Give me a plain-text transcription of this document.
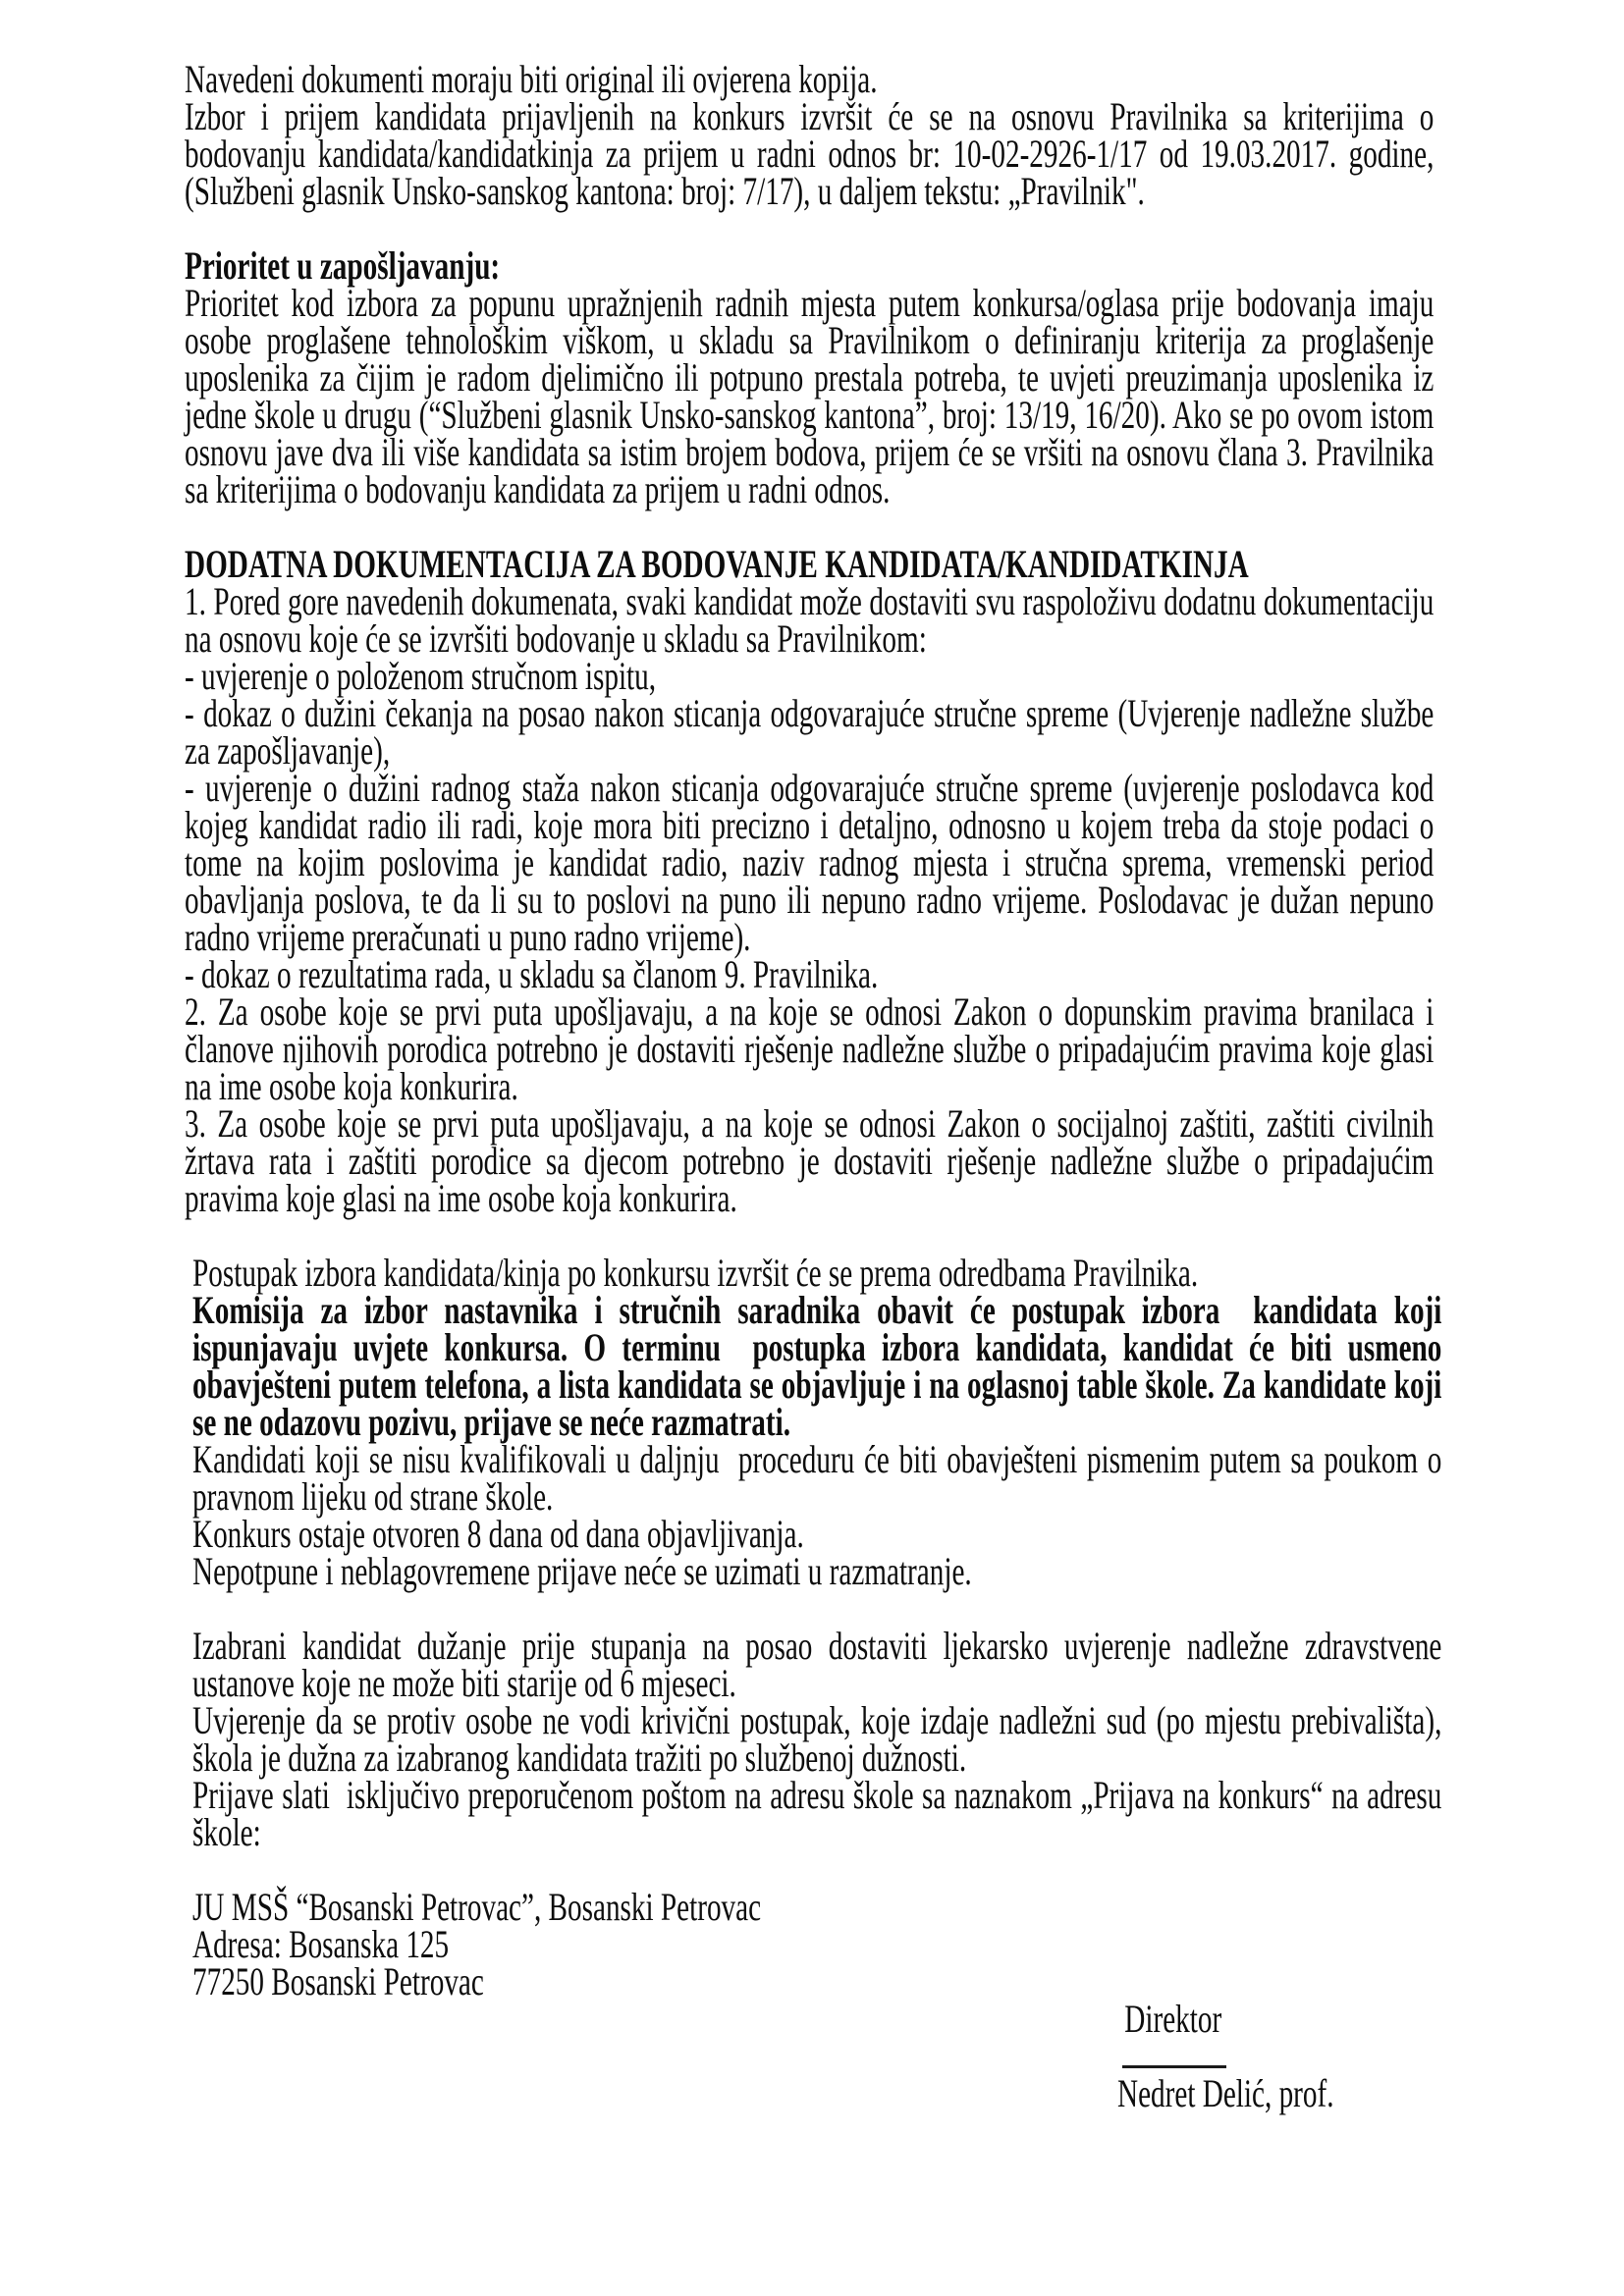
Navedeni dokumenti moraju biti original ili ovjerena kopija.

Izbor i prijem kandidata prijavljenih na konkurs izvršit će se na osnovu Pravilnika sa kriterijima o bodovanju kandidata/kandidatkinja za prijem u radni odnos br: 10-02-2926-1/17 od 19.03.2017. godine, (Službeni glasnik Unsko-sanskog kantona: broj: 7/17), u daljem tekstu: „Pravilnik".

Prioritet u zapošljavanju:

Prioritet kod izbora za popunu upražnjenih radnih mjesta putem konkursa/oglasa prije bodovanja imaju osobe proglašene tehnološkim viškom, u skladu sa Pravilnikom o definiranju kriterija za proglašenje uposlenika za čijim je radom djelimično ili potpuno prestala potreba, te uvjeti preuzimanja uposlenika iz jedne škole u drugu (“Službeni glasnik Unsko-sanskog kantona”, broj: 13/19, 16/20). Ako se po ovom istom osnovu jave dva ili više kandidata sa istim brojem bodova, prijem će se vršiti na osnovu člana 3. Pravilnika sa kriterijima o bodovanju kandidata za prijem u radni odnos.

DODATNA DOKUMENTACIJA ZA BODOVANJE KANDIDATA/KANDIDATKINJA

1. Pored gore navedenih dokumenata, svaki kandidat može dostaviti svu raspoloživu dodatnu dokumentaciju na osnovu koje će se izvršiti bodovanje u skladu sa Pravilnikom:

- uvjerenje o položenom stručnom ispitu,

- dokaz o dužini čekanja na posao nakon sticanja odgovarajuće stručne spreme (Uvjerenje nadležne službe za zapošljavanje),

- uvjerenje o dužini radnog staža nakon sticanja odgovarajuće stručne spreme (uvjerenje poslodavca kod kojeg kandidat radio ili radi, koje mora biti precizno i detaljno, odnosno u kojem treba da stoje podaci o tome na kojim poslovima je kandidat radio, naziv radnog mjesta i stručna sprema, vremenski period obavljanja poslova, te da li su to poslovi na puno ili nepuno radno vrijeme. Poslodavac je dužan nepuno radno vrijeme preračunati u puno radno vrijeme).

- dokaz o rezultatima rada, u skladu sa članom 9. Pravilnika.

2. Za osobe koje se prvi puta upošljavaju, a na koje se odnosi Zakon o dopunskim pravima branilaca i članove njihovih porodica potrebno je dostaviti rješenje nadležne službe o pripadajućim pravima koje glasi na ime osobe koja konkurira.

3. Za osobe koje se prvi puta upošljavaju, a na koje se odnosi Zakon o socijalnoj zaštiti, zaštiti civilnih žrtava rata i zaštiti porodice sa djecom potrebno je dostaviti rješenje nadležne službe o pripadajućim pravima koje glasi na ime osobe koja konkurira.

Postupak izbora kandidata/kinja po konkursu izvršit će se prema odredbama Pravilnika.

Komisija za izbor nastavnika i stručnih saradnika obavit će postupak izbora  kandidata koji ispunjavaju uvjete konkursa. O terminu  postupka izbora kandidata, kandidat će biti usmeno obavješteni putem telefona, a lista kandidata se objavljuje i na oglasnoj table škole. Za kandidate koji se ne odazovu pozivu, prijave se neće razmatrati.

Kandidati koji se nisu kvalifikovali u daljnju  proceduru će biti obavješteni pismenim putem sa poukom o pravnom lijeku od strane škole.

Konkurs ostaje otvoren 8 dana od dana objavljivanja.

Nepotpune i neblagovremene prijave neće se uzimati u razmatranje.

Izabrani kandidat dužanje prije stupanja na posao dostaviti ljekarsko uvjerenje nadležne zdravstvene ustanove koje ne može biti starije od 6 mjeseci.

Uvjerenje da se protiv osobe ne vodi krivični postupak, koje izdaje nadležni sud (po mjestu prebivališta), škola je dužna za izabranog kandidata tražiti po službenoj dužnosti.

Prijave slati  isključivo preporučenom poštom na adresu škole sa naznakom „Prijava na konkurs“ na adresu škole:

JU MSŠ “Bosanski Petrovac”, Bosanski Petrovac

Adresa: Bosanska 125

77250 Bosanski Petrovac

Direktor

Nedret Delić, prof.
